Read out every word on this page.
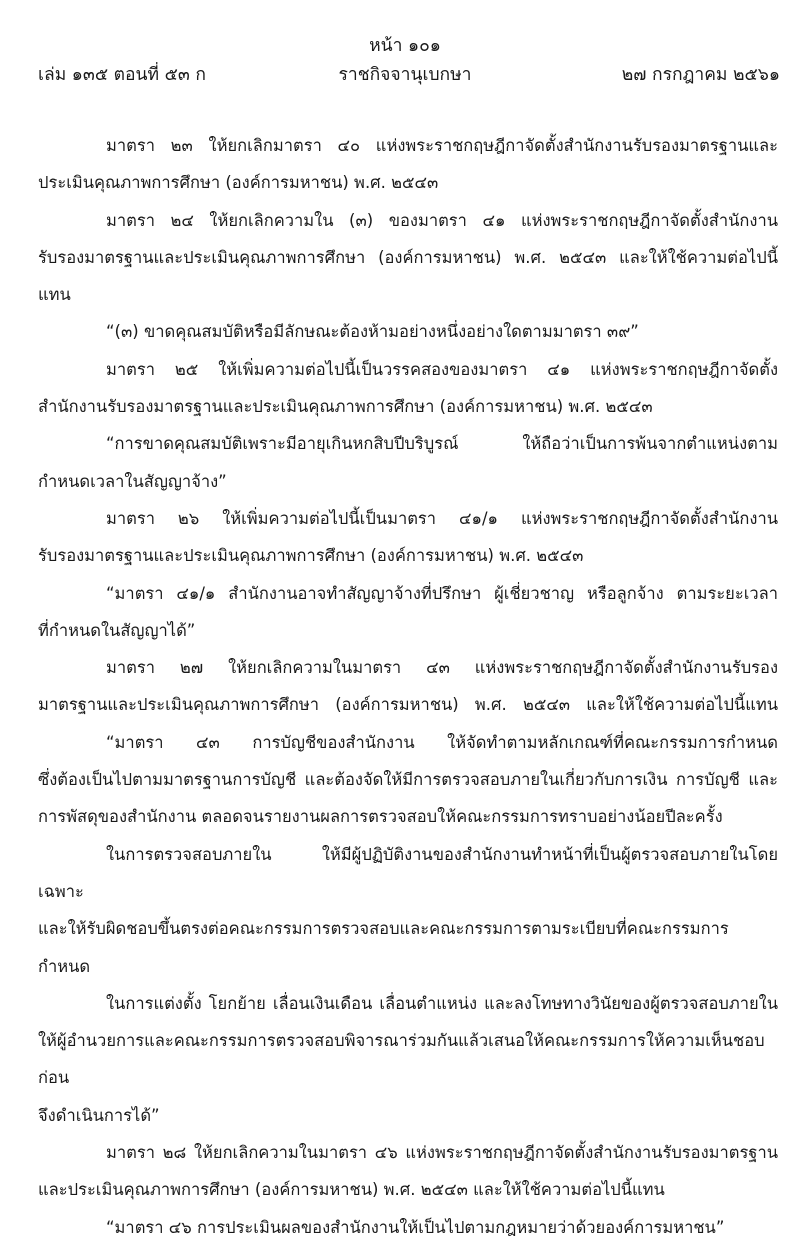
หน้า ๑๐๑
เล่ม ๑๓๕ ตอนที่ ๕๓ ก	ราชกิจจานุเบกษา	๒๗ กรกฎาคม ๒๕๖๑
มาตรา ๒๓ ให้ยกเลิกมาตรา ๔๐ แห่งพระราชกฤษฎีกาจัดตั้งสำนักงานรับรองมาตรฐานและ
ประเมินคุณภาพการศึกษา (องค์การมหาชน) พ.ศ. ๒๕๔๓
มาตรา ๒๔ ให้ยกเลิกความใน (๓) ของมาตรา ๔๑ แห่งพระราชกฤษฎีกาจัดตั้งสำนักงาน
รับรองมาตรฐานและประเมินคุณภาพการศึกษา (องค์การมหาชน) พ.ศ. ๒๕๔๓ และให้ใช้ความต่อไปนี้แทน
“(๓) ขาดคุณสมบัติหรือมีลักษณะต้องห้ามอย่างหนึ่งอย่างใดตามมาตรา ๓๙”
มาตรา ๒๕ ให้เพิ่มความต่อไปนี้เป็นวรรคสองของมาตรา ๔๑ แห่งพระราชกฤษฎีกาจัดตั้ง
สำนักงานรับรองมาตรฐานและประเมินคุณภาพการศึกษา (องค์การมหาชน) พ.ศ. ๒๕๔๓
“การขาดคุณสมบัติเพราะมีอายุเกินหกสิบปีบริบูรณ์ ให้ถือว่าเป็นการพ้นจากตำแหน่งตาม
กำหนดเวลาในสัญญาจ้าง”
มาตรา ๒๖ ให้เพิ่มความต่อไปนี้เป็นมาตรา ๔๑/๑ แห่งพระราชกฤษฎีกาจัดตั้งสำนักงาน
รับรองมาตรฐานและประเมินคุณภาพการศึกษา (องค์การมหาชน) พ.ศ. ๒๕๔๓
“มาตรา ๔๑/๑ สำนักงานอาจทำสัญญาจ้างที่ปรึกษา ผู้เชี่ยวชาญ หรือลูกจ้าง ตามระยะเวลา
ที่กำหนดในสัญญาได้”
มาตรา ๒๗ ให้ยกเลิกความในมาตรา ๔๓ แห่งพระราชกฤษฎีกาจัดตั้งสำนักงานรับรอง
มาตรฐานและประเมินคุณภาพการศึกษา (องค์การมหาชน) พ.ศ. ๒๕๔๓ และให้ใช้ความต่อไปนี้แทน
“มาตรา ๔๓ การบัญชีของสำนักงาน ให้จัดทำตามหลักเกณฑ์ที่คณะกรรมการกำหนด
ซึ่งต้องเป็นไปตามมาตรฐานการบัญชี และต้องจัดให้มีการตรวจสอบภายในเกี่ยวกับการเงิน การบัญชี และ
การพัสดุของสำนักงาน ตลอดจนรายงานผลการตรวจสอบให้คณะกรรมการทราบอย่างน้อยปีละครั้ง
ในการตรวจสอบภายใน ให้มีผู้ปฏิบัติงานของสำนักงานทำหน้าที่เป็นผู้ตรวจสอบภายในโดยเฉพาะ
และให้รับผิดชอบขึ้นตรงต่อคณะกรรมการตรวจสอบและคณะกรรมการตามระเบียบที่คณะกรรมการกำหนด
ในการแต่งตั้ง โยกย้าย เลื่อนเงินเดือน เลื่อนตำแหน่ง และลงโทษทางวินัยของผู้ตรวจสอบภายใน
ให้ผู้อำนวยการและคณะกรรมการตรวจสอบพิจารณาร่วมกันแล้วเสนอให้คณะกรรมการให้ความเห็นชอบก่อน
จึงดำเนินการได้”
มาตรา ๒๘ ให้ยกเลิกความในมาตรา ๔๖ แห่งพระราชกฤษฎีกาจัดตั้งสำนักงานรับรองมาตรฐาน
และประเมินคุณภาพการศึกษา (องค์การมหาชน) พ.ศ. ๒๕๔๓ และให้ใช้ความต่อไปนี้แทน
“มาตรา ๔๖ การประเมินผลของสำนักงานให้เป็นไปตามกฎหมายว่าด้วยองค์การมหาชน”
